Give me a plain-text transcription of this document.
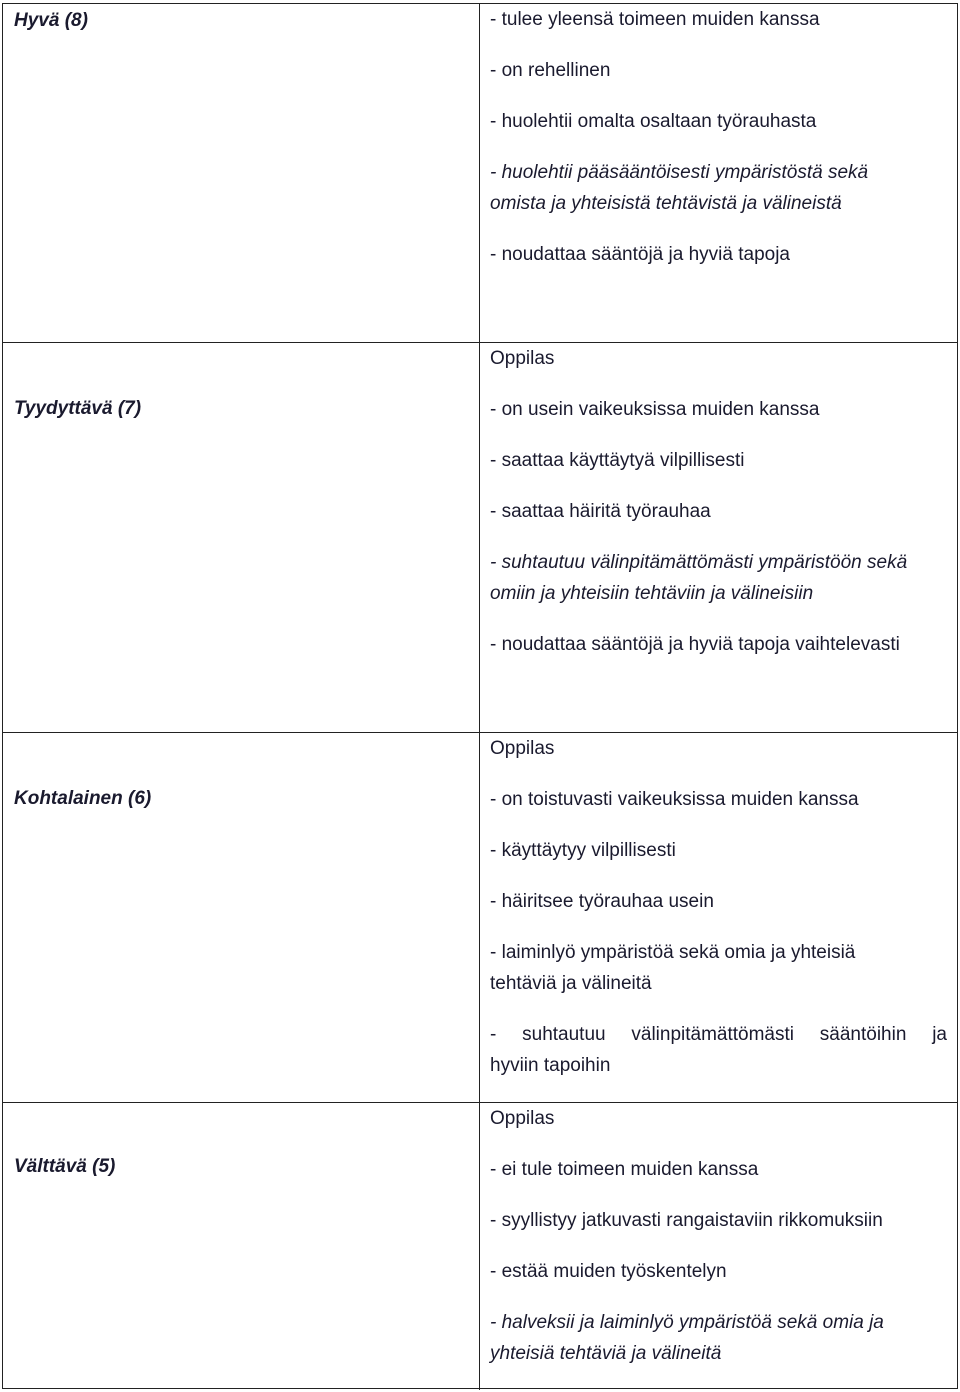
Hyvä (8)	- tulee yleensä toimeen muiden kanssa
- on rehellinen
- huolehtii omalta osaltaan työrauhasta
- huolehtii pääsääntöisesti ympäristöstä sekä
omista ja yhteisistä tehtävistä ja välineistä
- noudattaa sääntöjä ja hyviä tapoja
Tyydyttävä (7)
Oppilas
- on usein vaikeuksissa muiden kanssa
- saattaa käyttäytyä vilpillisesti
- saattaa häiritä työrauhaa
- suhtautuu välinpitämättömästi ympäristöön sekä
omiin ja yhteisiin tehtäviin ja välineisiin
- noudattaa sääntöjä ja hyviä tapoja vaihtelevasti
Kohtalainen (6)
Oppilas
- on toistuvasti vaikeuksissa muiden kanssa
- käyttäytyy vilpillisesti
- häiritsee työrauhaa usein
- laiminlyö ympäristöä sekä omia ja yhteisiä
tehtäviä ja välineitä
- suhtautuu välinpitämättömästi sääntöihin ja
hyviin tapoihin
Välttävä (5)
Oppilas
- ei tule toimeen muiden kanssa
- syyllistyy jatkuvasti rangaistaviin rikkomuksiin
- estää muiden työskentelyn
- halveksii ja laiminlyö ympäristöä sekä omia ja
yhteisiä tehtäviä ja välineitä
